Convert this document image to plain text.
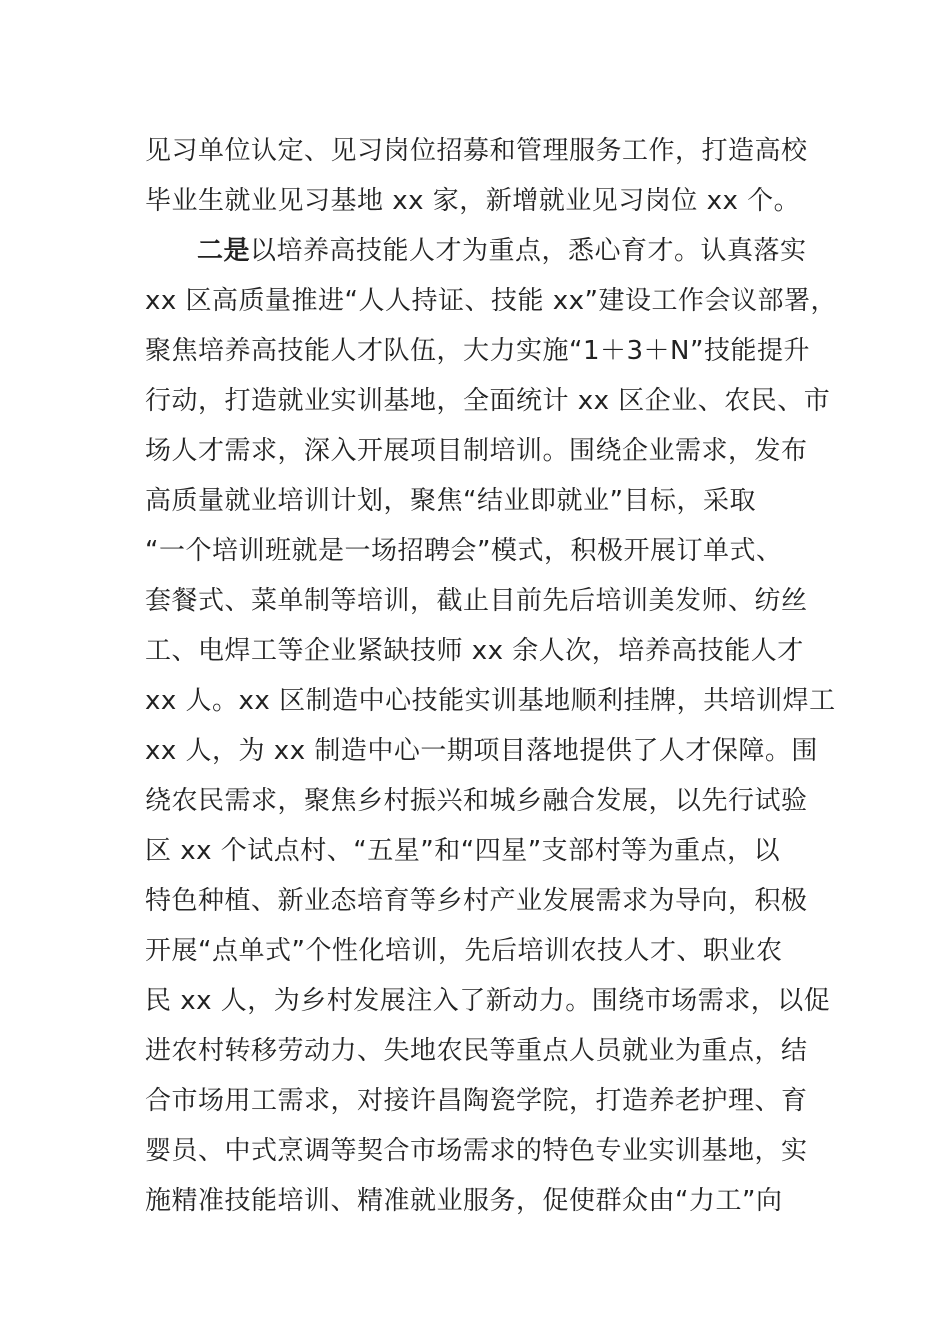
见习单位认定、见习岗位招募和管理服务工作，打造高校
毕业生就业见习基地 xx 家，新增就业见习岗位 xx 个。
二是以培养高技能人才为重点，悉心育才。认真落实
xx 区高质量推进“人人持证、技能 xx”建设工作会议部署，
聚焦培养高技能人才队伍，大力实施“1＋3＋N”技能提升
行动，打造就业实训基地，全面统计 xx 区企业、农民、市
场人才需求，深入开展项目制培训。围绕企业需求，发布
高质量就业培训计划，聚焦“结业即就业”目标，采取
“一个培训班就是一场招聘会”模式，积极开展订单式、
套餐式、菜单制等培训，截止目前先后培训美发师、纺丝
工、电焊工等企业紧缺技师 xx 余人次，培养高技能人才
xx 人。xx 区制造中心技能实训基地顺利挂牌，共培训焊工
xx 人，为 xx 制造中心一期项目落地提供了人才保障。围
绕农民需求，聚焦乡村振兴和城乡融合发展，以先行试验
区 xx 个试点村、“五星”和“四星”支部村等为重点，以
特色种植、新业态培育等乡村产业发展需求为导向，积极
开展“点单式”个性化培训，先后培训农技人才、职业农
民 xx 人，为乡村发展注入了新动力。围绕市场需求，以促
进农村转移劳动力、失地农民等重点人员就业为重点，结
合市场用工需求，对接许昌陶瓷学院，打造养老护理、育
婴员、中式烹调等契合市场需求的特色专业实训基地，实
施精准技能培训、精准就业服务，促使群众由“力工”向
